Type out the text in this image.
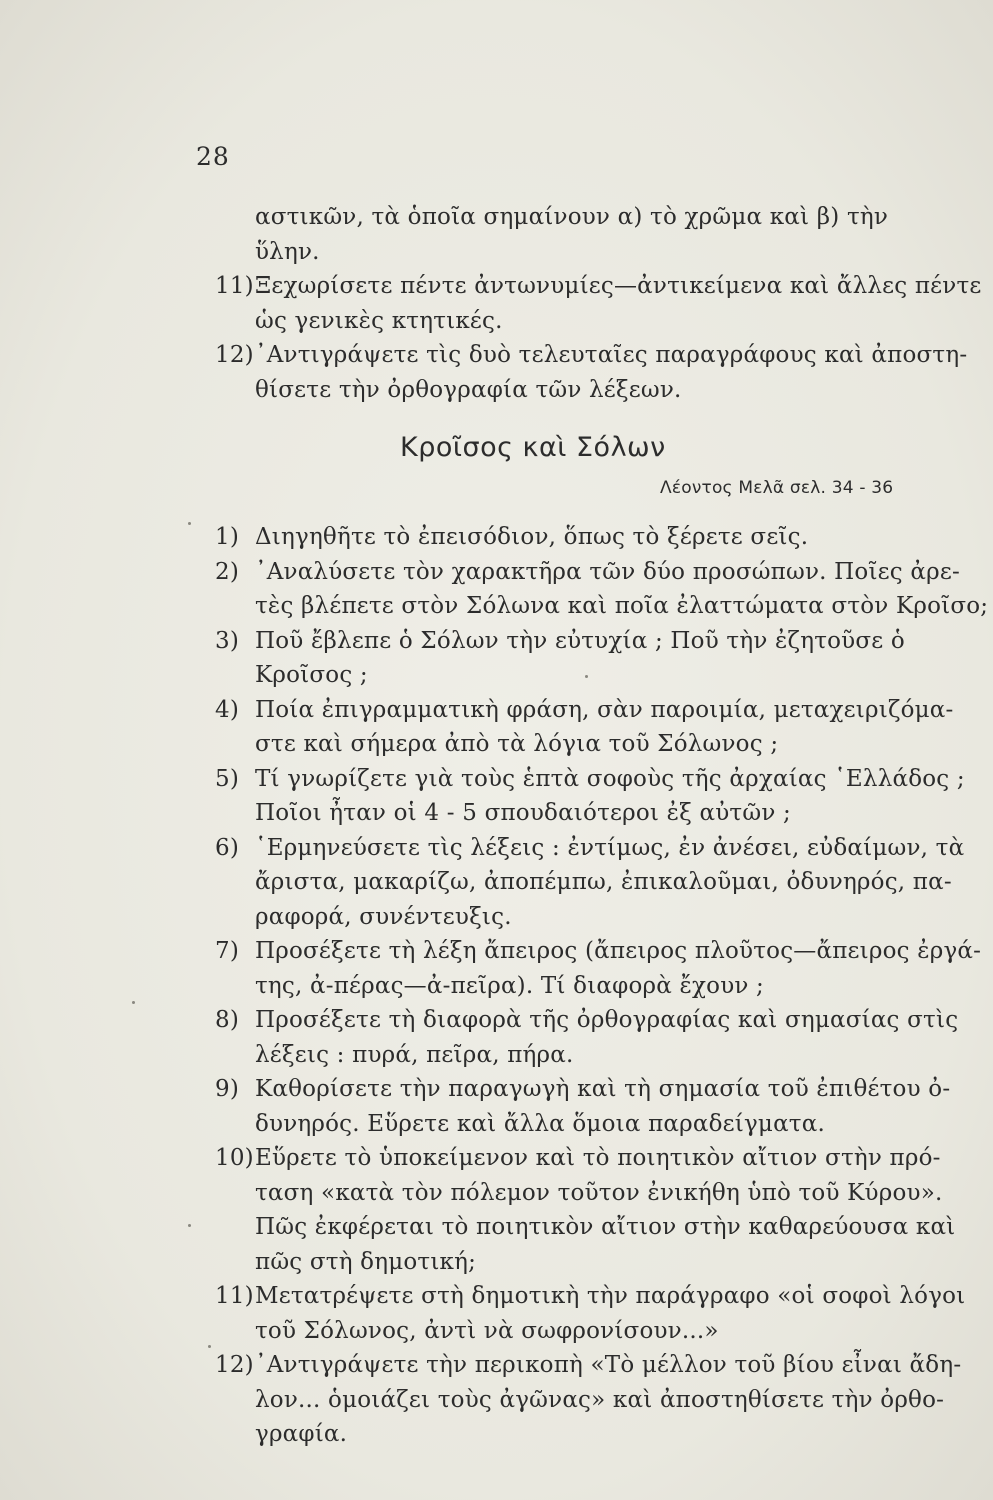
28
αστικῶν, τὰ ὁποῖα σημαίνουν α) τὸ χρῶμα καὶ β) τὴν
ὕλην.
11) Ξεχωρίσετε πέντε ἀντωνυμίες—ἀντικείμενα καὶ ἄλλες πέντε
ὡς γενικὲς κτητικές.
12) ᾿Αντιγράψετε τὶς δυὸ τελευταῖες παραγράφους καὶ ἀποστη-
θίσετε τὴν ὀρθογραφία τῶν λέξεων.
Κροῖσος καὶ Σόλων
Λέοντος Μελᾶ σελ. 34 - 36
1) Διηγηθῆτε τὸ ἐπεισόδιον, ὅπως τὸ ξέρετε σεῖς.
2) ᾿Αναλύσετε τὸν χαρακτῆρα τῶν δύο προσώπων. Ποῖες ἀρε-
τὲς βλέπετε στὸν Σόλωνα καὶ ποῖα ἐλαττώματα στὸν Κροῖσο;
3) Ποῦ ἔβλεπε ὁ Σόλων τὴν εὐτυχία ; Ποῦ τὴν ἐζητοῦσε ὁ
Κροῖσος ;
4) Ποία ἐπιγραμματικὴ φράση, σὰν παροιμία, μεταχειριζόμα-
στε καὶ σήμερα ἀπὸ τὰ λόγια τοῦ Σόλωνος ;
5) Τί γνωρίζετε γιὰ τοὺς ἑπτὰ σοφοὺς τῆς ἀρχαίας ῾Ελλάδος ;
Ποῖοι ἦταν οἱ 4 - 5 σπουδαιότεροι ἐξ αὐτῶν ;
6) ῾Ερμηνεύσετε τὶς λέξεις : ἐντίμως, ἐν ἀνέσει, εὐδαίμων, τὰ
ἄριστα, μακαρίζω, ἀποπέμπω, ἐπικαλοῦμαι, ὀδυνηρός, πα-
ραφορά, συνέντευξις.
7) Προσέξετε τὴ λέξη ἄπειρος (ἄπειρος πλοῦτος—ἄπειρος ἐργά-
της, ἀ-πέρας—ἀ-πεῖρα). Τί διαφορὰ ἔχουν ;
8) Προσέξετε τὴ διαφορὰ τῆς ὀρθογραφίας καὶ σημασίας στὶς
λέξεις : πυρά, πεῖρα, πήρα.
9) Καθορίσετε τὴν παραγωγὴ καὶ τὴ σημασία τοῦ ἐπιθέτου ὀ-
δυνηρός. Εὕρετε καὶ ἄλλα ὅμοια παραδείγματα.
10) Εὕρετε τὸ ὑποκείμενον καὶ τὸ ποιητικὸν αἴτιον στὴν πρό-
ταση «κατὰ τὸν πόλεμον τοῦτον ἐνικήθη ὑπὸ τοῦ Κύρου».
Πῶς ἐκφέρεται τὸ ποιητικὸν αἴτιον στὴν καθαρεύουσα καὶ
πῶς στὴ δημοτική;
11) Μετατρέψετε στὴ δημοτικὴ τὴν παράγραφο «οἱ σοφοὶ λόγοι
τοῦ Σόλωνος, ἀντὶ νὰ σωφρονίσουν...»
12) ᾿Αντιγράψετε τὴν περικοπὴ «Τὸ μέλλον τοῦ βίου εἶναι ἄδη-
λον... ὁμοιάζει τοὺς ἀγῶνας» καὶ ἀποστηθίσετε τὴν ὀρθο-
γραφία.
